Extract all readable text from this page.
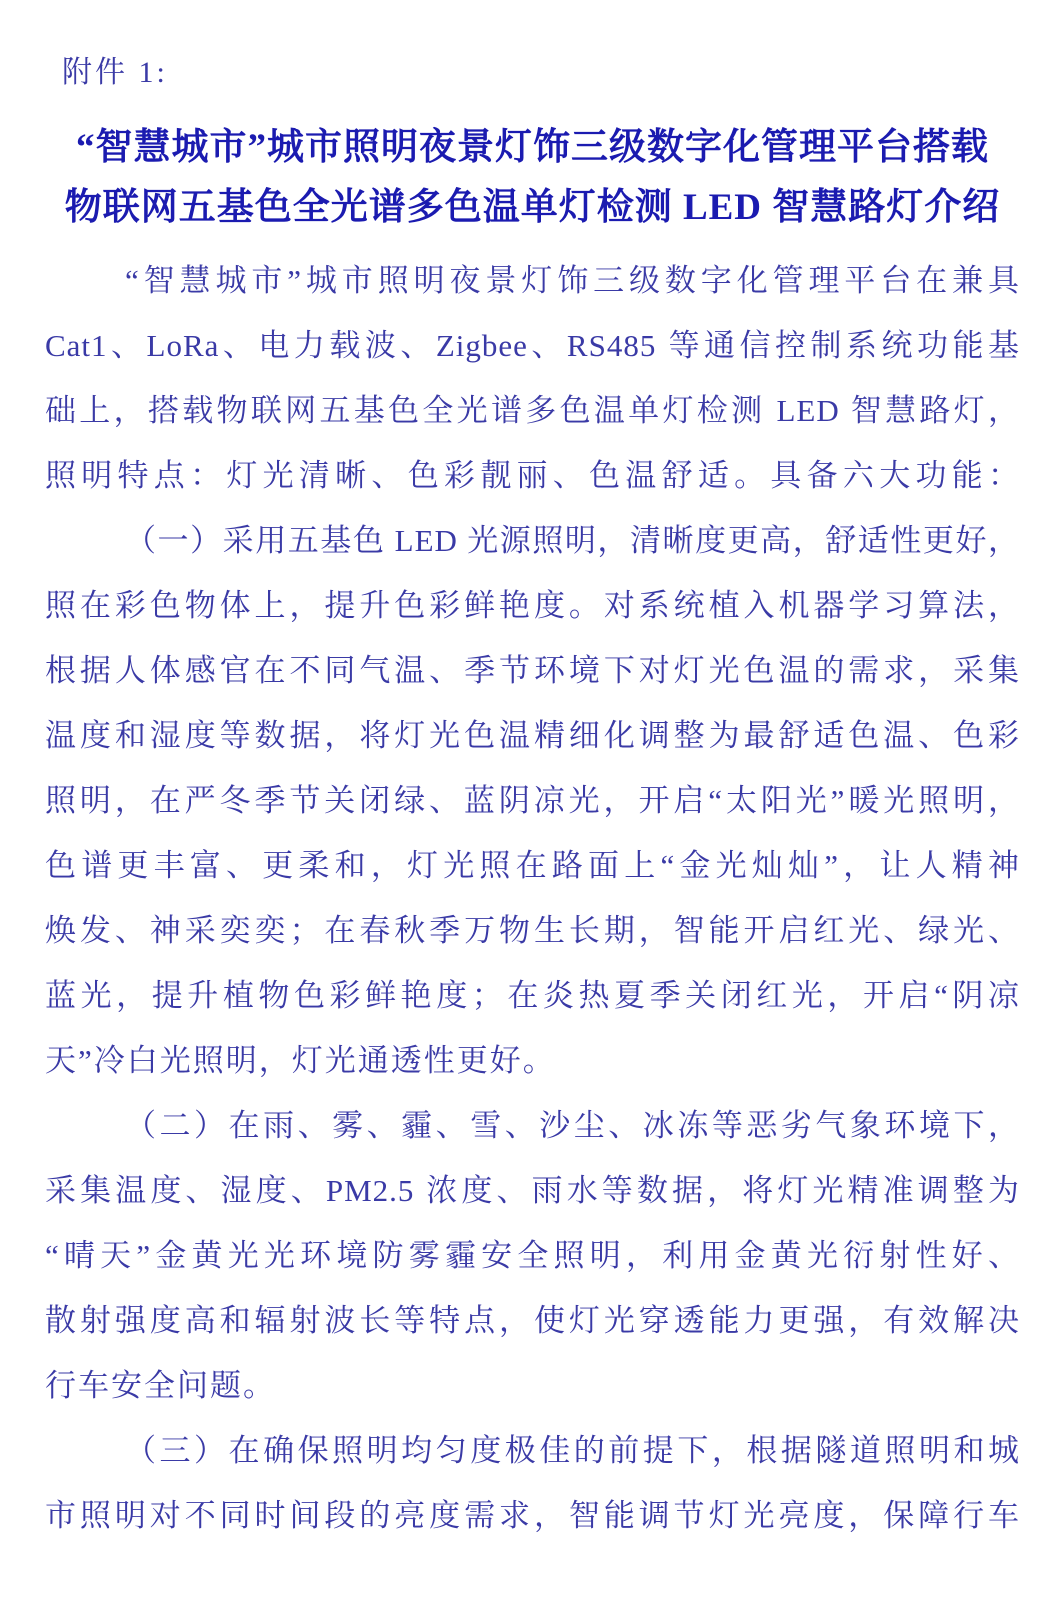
附件 1:
“智慧城市”城市照明夜景灯饰三级数字化管理平台搭载
物联网五基色全光谱多色温单灯检测 LED 智慧路灯介绍
“智慧城市”城市照明夜景灯饰三级数字化管理平台在兼具
Cat1、LoRa、电力载波、Zigbee、RS485 等通信控制系统功能基
础上，搭载物联网五基色全光谱多色温单灯检测 LED 智慧路灯，
照明特点：灯光清晰、色彩靓丽、色温舒适。具备六大功能：
（一）采用五基色 LED 光源照明，清晰度更高，舒适性更好，
照在彩色物体上，提升色彩鲜艳度。对系统植入机器学习算法，
根据人体感官在不同气温、季节环境下对灯光色温的需求，采集
温度和湿度等数据，将灯光色温精细化调整为最舒适色温、色彩
照明，在严冬季节关闭绿、蓝阴凉光，开启“太阳光”暖光照明，
色谱更丰富、更柔和，灯光照在路面上“金光灿灿”，让人精神
焕发、神采奕奕；在春秋季万物生长期，智能开启红光、绿光、
蓝光，提升植物色彩鲜艳度；在炎热夏季关闭红光，开启“阴凉
天”冷白光照明，灯光通透性更好。
（二）在雨、雾、霾、雪、沙尘、冰冻等恶劣气象环境下，
采集温度、湿度、PM2.5 浓度、雨水等数据，将灯光精准调整为
“晴天”金黄光光环境防雾霾安全照明，利用金黄光衍射性好、
散射强度高和辐射波长等特点，使灯光穿透能力更强，有效解决
行车安全问题。
（三）在确保照明均匀度极佳的前提下，根据隧道照明和城
市照明对不同时间段的亮度需求，智能调节灯光亮度，保障行车
